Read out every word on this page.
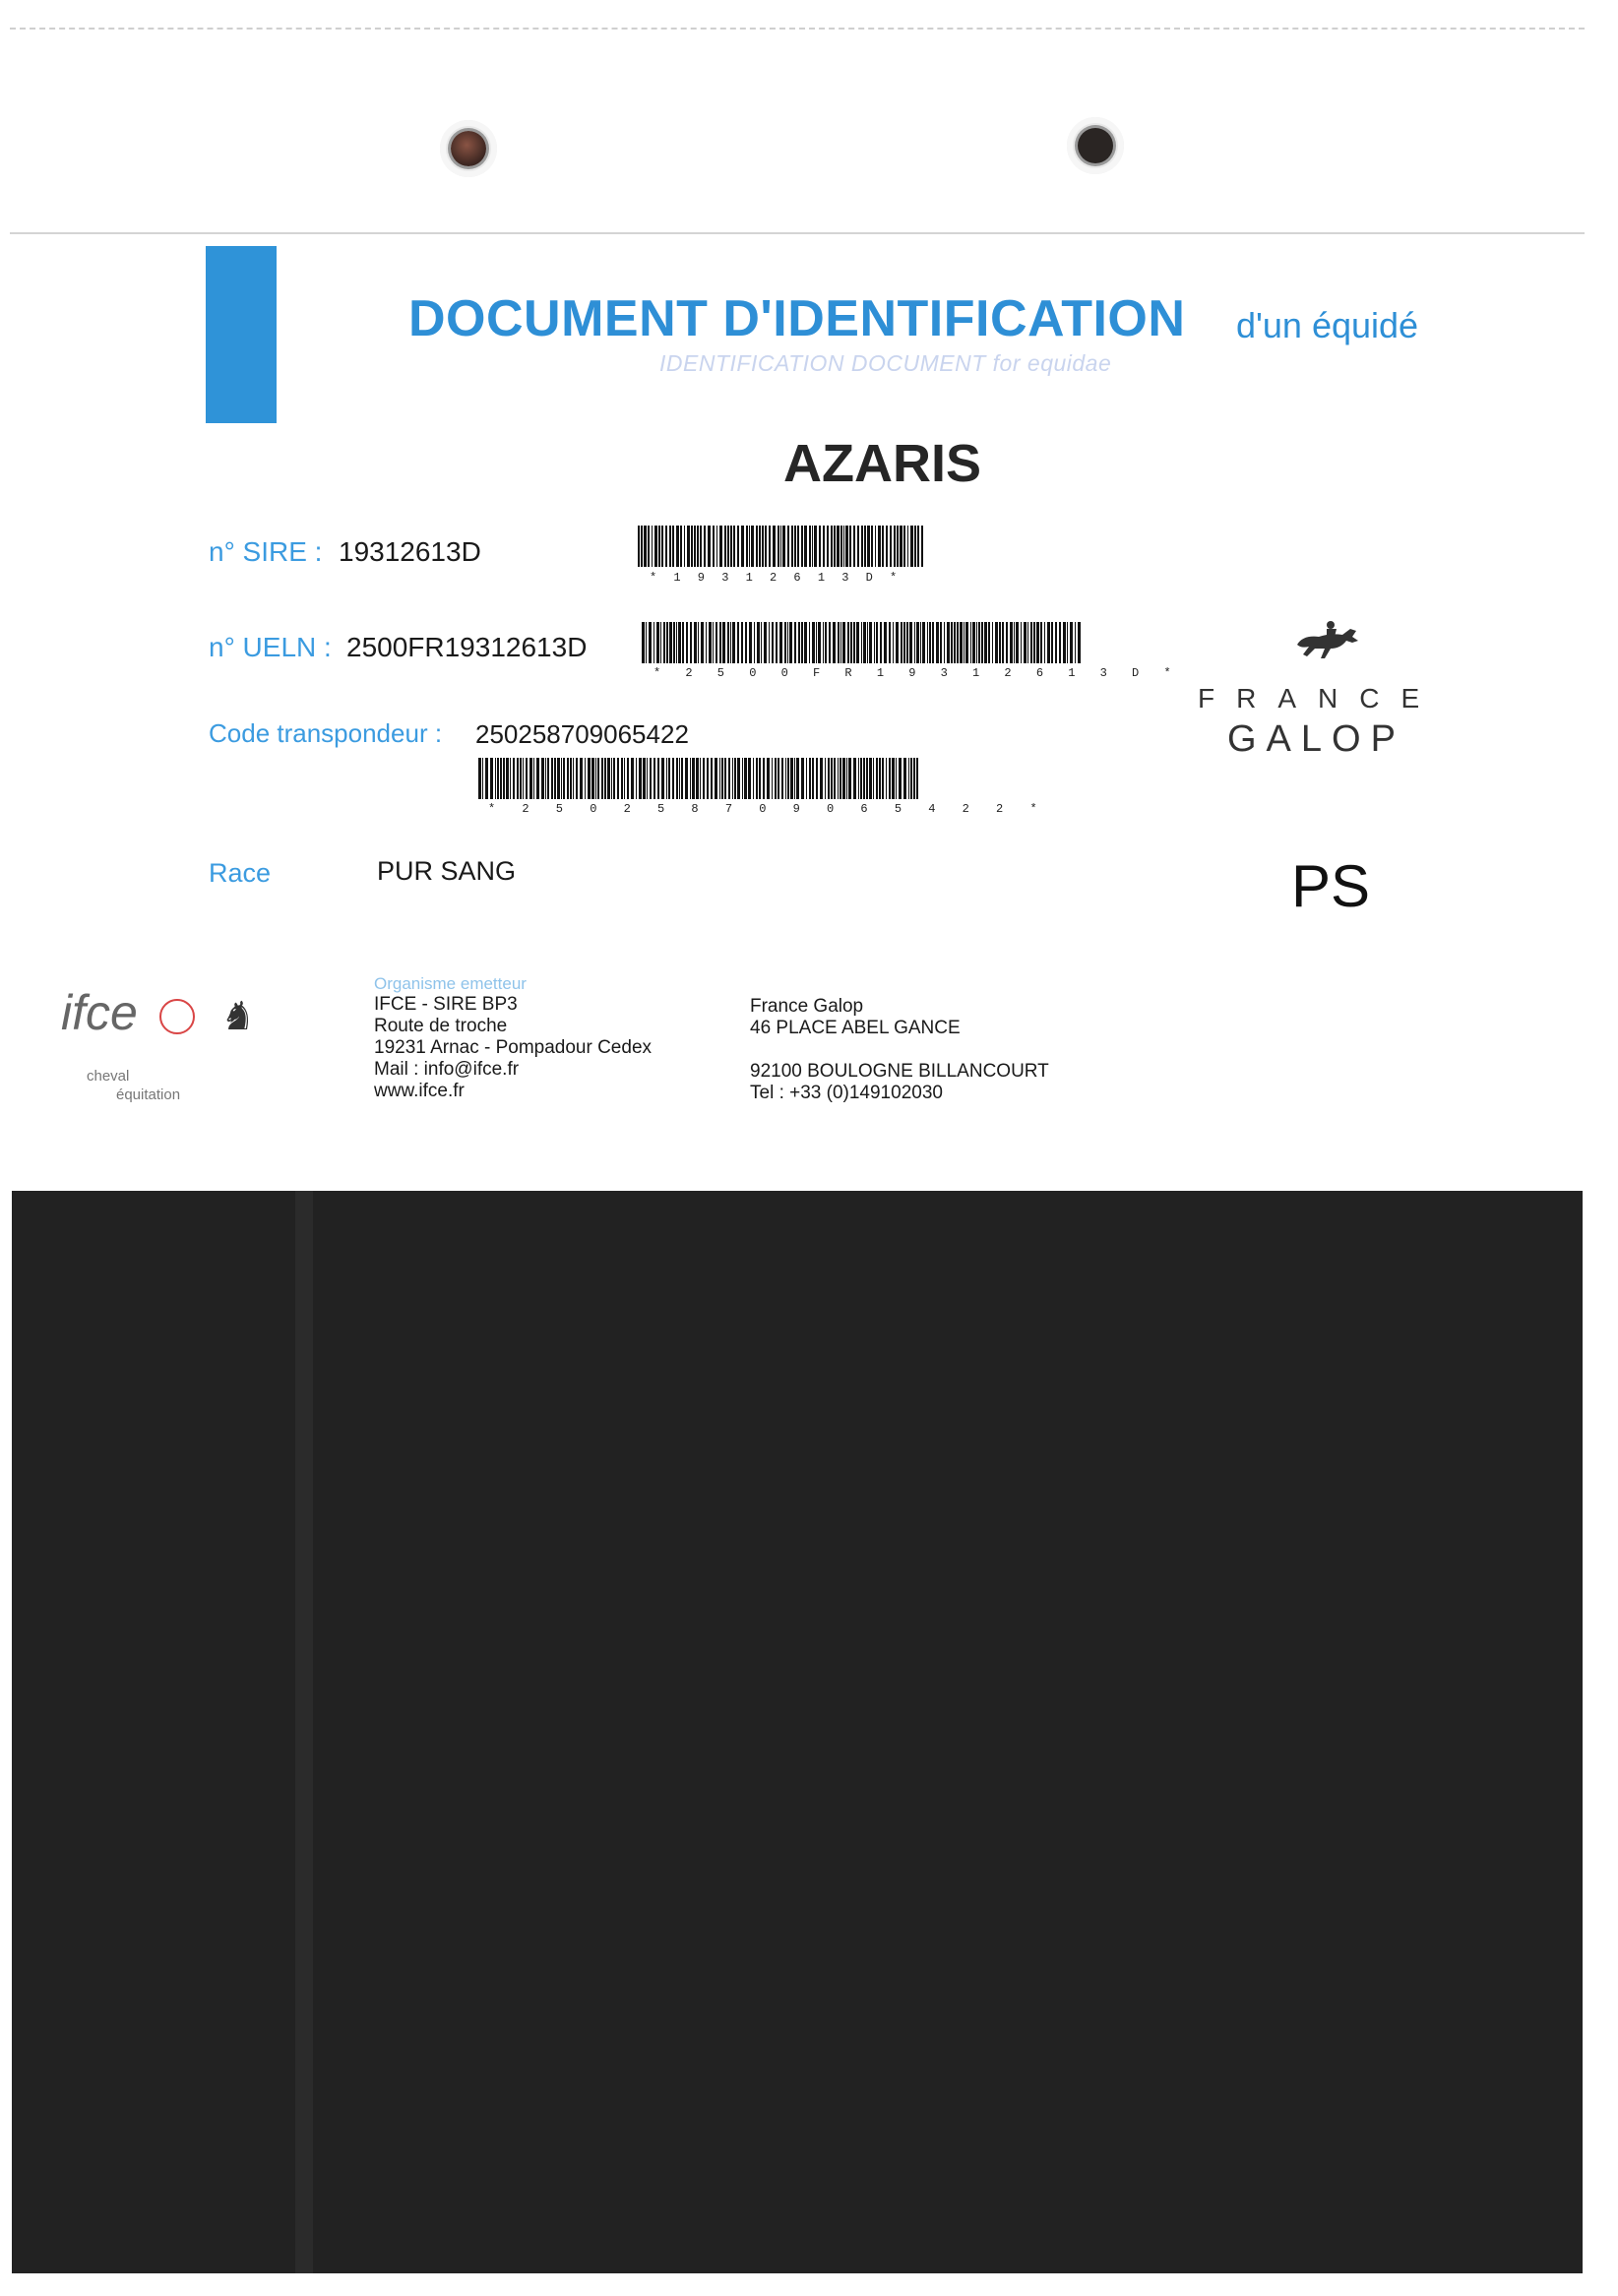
DOCUMENT D'IDENTIFICATION d'un équidé
IDENTIFICATION DOCUMENT for equidae
AZARIS
n° SIRE : 19312613D
* 1 9 3 1 2 6 1 3 D *
n° UELN : 2500FR19312613D
* 2 5 0 0 F R 1 9 3 1 2 6 1 3 D *
Code transpondeur : 250258709065422
* 2 5 0 2 5 8 7 0 9 0 6 5 4 2 2 *
FRANCE
GALOP
Race	PUR SANG	PS
ifce ♞
cheval
équitation
Organisme emetteur
IFCE - SIRE BP3
Route de troche
19231 Arnac - Pompadour Cedex
Mail : info@ifce.fr
www.ifce.fr
France Galop
46 PLACE ABEL GANCE
92100 BOULOGNE BILLANCOURT
Tel : +33 (0)149102030
